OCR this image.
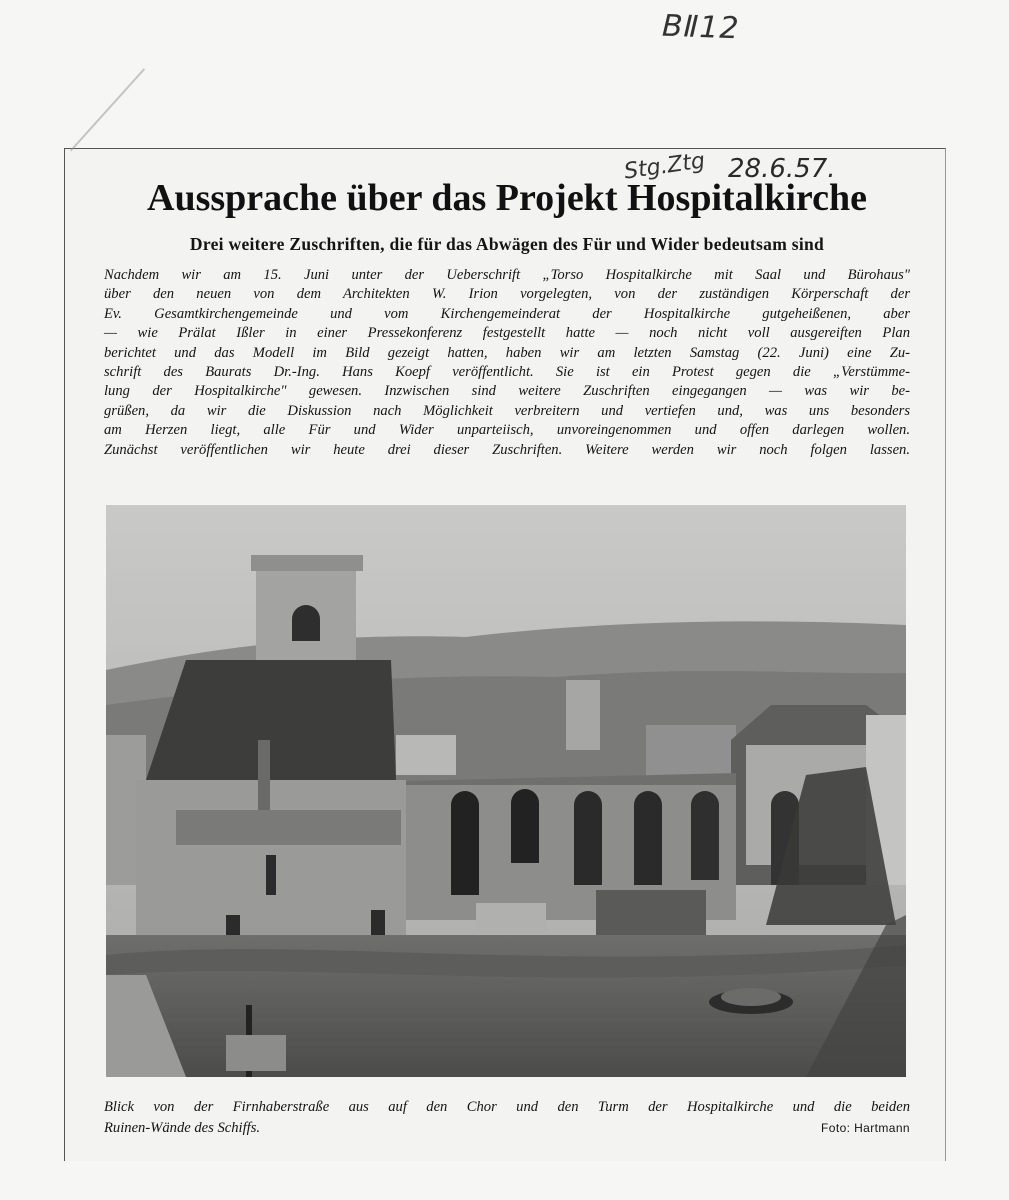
BⅡ12
Stg.Ztg 28.6.57.
Aussprache über das Projekt Hospitalkirche
Drei weitere Zuschriften, die für das Abwägen des Für und Wider bedeutsam sind
Nachdem wir am 15. Juni unter der Ueberschrift „Torso Hospitalkirche mit Saal und Bürohaus"
über den neuen von dem Architekten W. Irion vorgelegten, von der zuständigen Körperschaft der
Ev. Gesamtkirchengemeinde und vom Kirchengemeinderat der Hospitalkirche gutgeheißenen, aber
— wie Prälat Ißler in einer Pressekonferenz festgestellt hatte — noch nicht voll ausgereiften Plan
berichtet und das Modell im Bild gezeigt hatten, haben wir am letzten Samstag (22. Juni) eine Zu-
schrift des Baurats Dr.-Ing. Hans Koepf veröffentlicht. Sie ist ein Protest gegen die „Verstümme-
lung der Hospitalkirche" gewesen. Inzwischen sind weitere Zuschriften eingegangen — was wir be-
grüßen, da wir die Diskussion nach Möglichkeit verbreitern und vertiefen und, was uns besonders
am Herzen liegt, alle Für und Wider unparteiisch, unvoreingenommen und offen darlegen wollen.
Zunächst veröffentlichen wir heute drei dieser Zuschriften. Weitere werden wir noch folgen lassen.
Blick von der Firnhaberstraße aus auf den Chor und den Turm der Hospitalkirche und die beiden
Ruinen-Wände des Schiffs.	Foto: Hartmann
